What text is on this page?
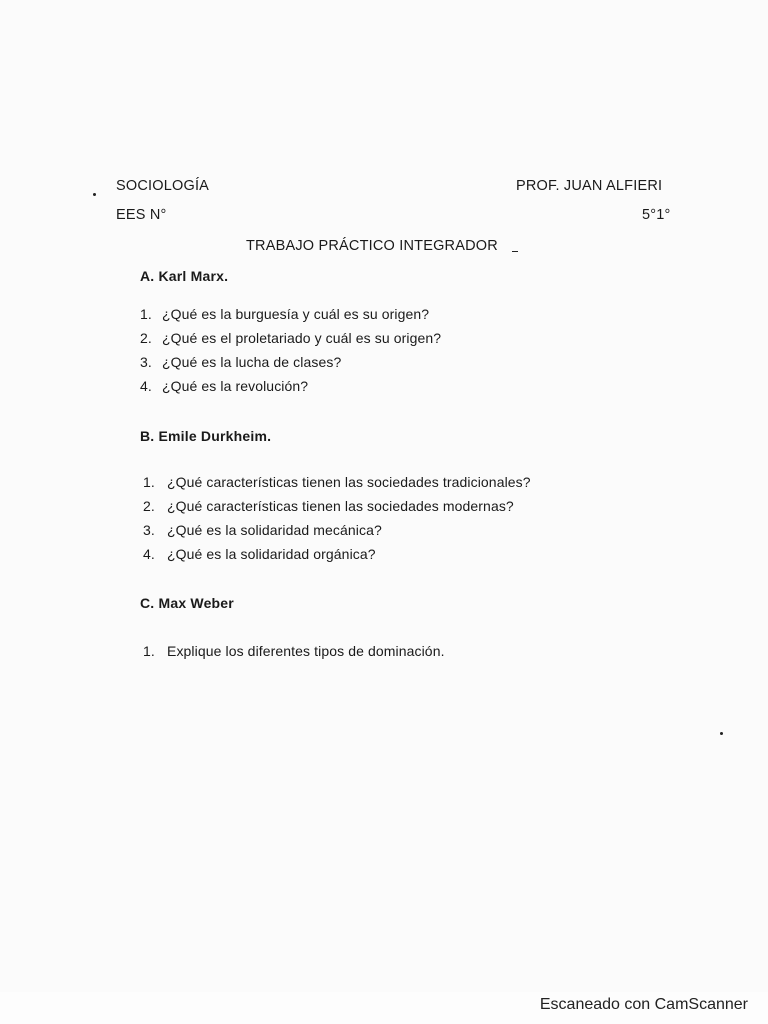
SOCIOLOGÍA	PROF. JUAN ALFIERI
EES N°	5°1°
TRABAJO PRÁCTICO INTEGRADOR
A. Karl Marx.
1. ¿Qué es la burguesía y cuál es su origen?
2. ¿Qué es el proletariado y cuál es su origen?
3. ¿Qué es la lucha de clases?
4. ¿Qué es la revolución?
B. Emile Durkheim.
1. ¿Qué características tienen las sociedades tradicionales?
2. ¿Qué características tienen las sociedades modernas?
3. ¿Qué es la solidaridad mecánica?
4. ¿Qué es la solidaridad orgánica?
C. Max Weber
1. Explique los diferentes tipos de dominación.
Escaneado con CamScanner
